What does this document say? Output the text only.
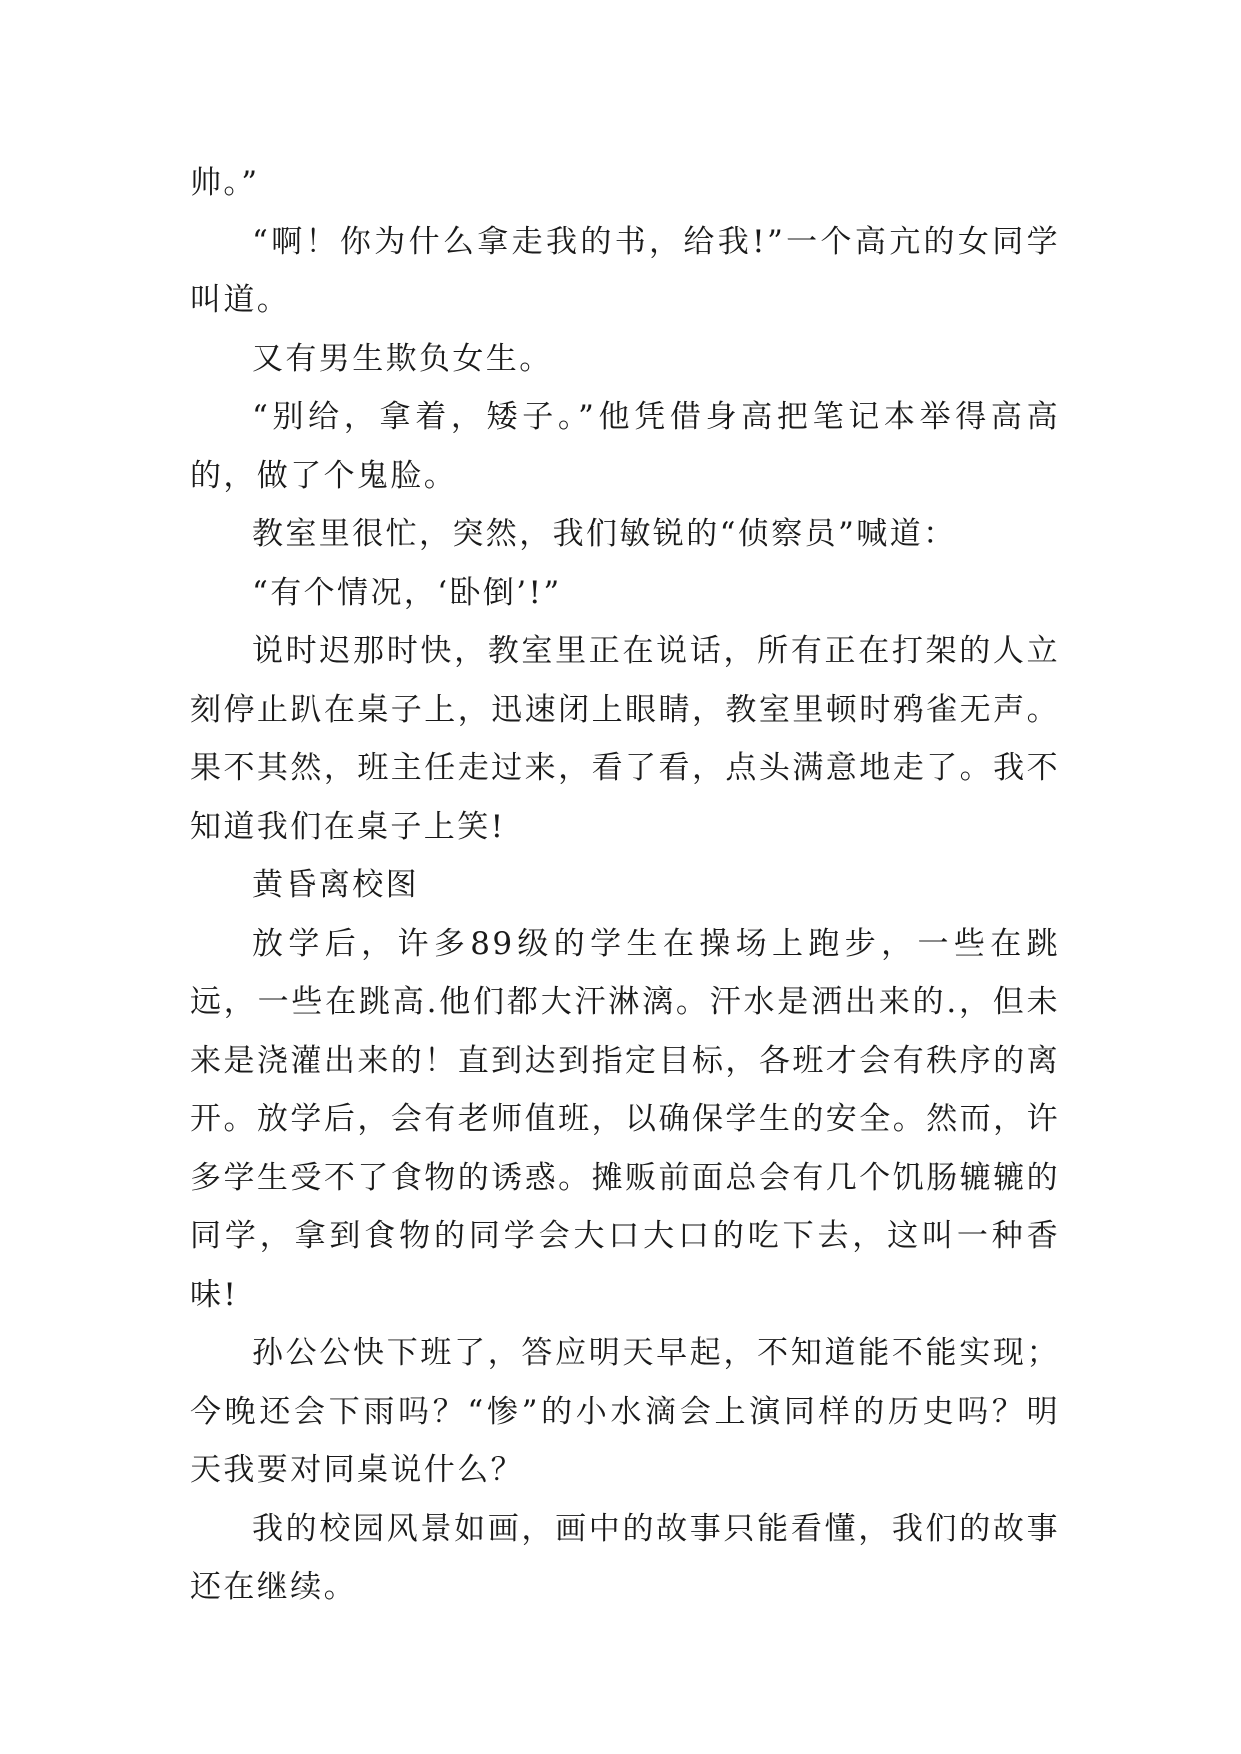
帅。”

“啊！你为什么拿走我的书，给我!”一个高亢的女同学叫道。

又有男生欺负女生。

“别给，拿着，矮子。”他凭借身高把笔记本举得高高的，做了个鬼脸。

教室里很忙，突然，我们敏锐的“侦察员”喊道：

“有个情况，‘卧倒’!”

说时迟那时快，教室里正在说话，所有正在打架的人立刻停止趴在桌子上，迅速闭上眼睛，教室里顿时鸦雀无声。果不其然，班主任走过来，看了看，点头满意地走了。我不知道我们在桌子上笑!

黄昏离校图

放学后，许多89级的学生在操场上跑步，一些在跳远，一些在跳高.他们都大汗淋漓。汗水是洒出来的.，但未来是浇灌出来的！直到达到指定目标，各班才会有秩序的离开。放学后，会有老师值班，以确保学生的安全。然而，许多学生受不了食物的诱惑。摊贩前面总会有几个饥肠辘辘的同学，拿到食物的同学会大口大口的吃下去，这叫一种香味!

孙公公快下班了，答应明天早起，不知道能不能实现；今晚还会下雨吗？“惨”的小水滴会上演同样的历史吗？明天我要对同桌说什么？

我的校园风景如画，画中的故事只能看懂，我们的故事还在继续。
